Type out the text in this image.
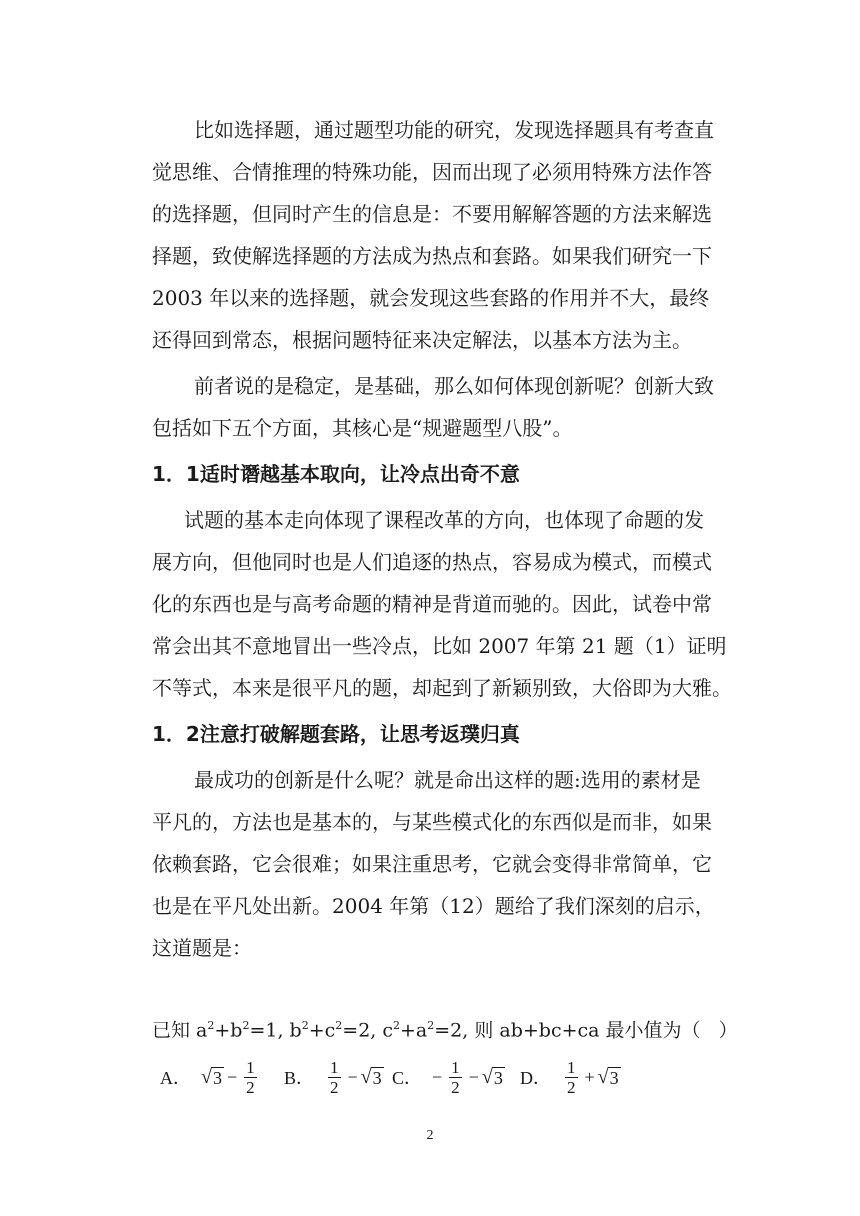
比如选择题，通过题型功能的研究，发现选择题具有考查直
觉思维、合情推理的特殊功能，因而出现了必须用特殊方法作答
的选择题，但同时产生的信息是：不要用解解答题的方法来解选
择题，致使解选择题的方法成为热点和套路。如果我们研究一下
2003 年以来的选择题，就会发现这些套路的作用并不大，最终
还得回到常态，根据问题特征来决定解法，以基本方法为主。
前者说的是稳定，是基础，那么如何体现创新呢？创新大致
包括如下五个方面，其核心是“规避题型八股”。
1．1适时谮越基本取向，让冷点出奇不意
试题的基本走向体现了课程改革的方向，也体现了命题的发
展方向，但他同时也是人们追逐的热点，容易成为模式，而模式
化的东西也是与高考命题的精神是背道而驰的。因此，试卷中常
常会出其不意地冒出一些冷点，比如 2007 年第 21 题（1）证明
不等式，本来是很平凡的题，却起到了新颖别致，大俗即为大雅。
1．2注意打破解题套路，让思考返璞归真
最成功的创新是什么呢？就是命出这样的题:选用的素材是
平凡的，方法也是基本的，与某些模式化的东西似是而非，如果
依赖套路，它会很难；如果注重思考，它就会变得非常简单，它
也是在平凡处出新。2004 年第（12）题给了我们深刻的启示，
这道题是：
已知 $a^2+b^2=1$, $b^2+c^2=2$, $c^2+a^2=2$, 则 ab+bc+ca 最小值为（   ）
A． √ $3 - \frac{1}{2}$ B． $\frac{1}{2}$ − √ 3 C． − $\frac{1}{2}$ − √ 3 D． $\frac{1}{2}$ + √ 3
2
